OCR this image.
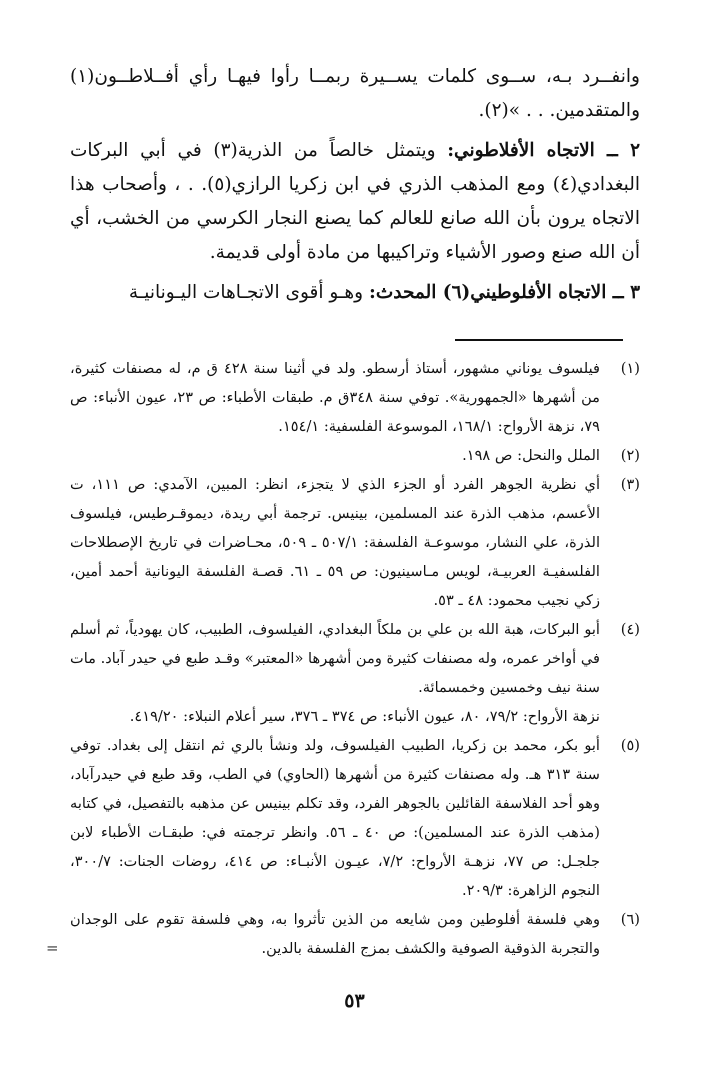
وانفــرد بـه، ســوى كلمات يســيرة ربمــا رأوا فيهـا رأي أفــلاطــون(١) والمتقدمين. . . »(٢).

٢ ــ الاتجاه الأفلاطوني: ويتمثل خالصاً من الذرية(٣) في أبي البركات البغدادي(٤) ومع المذهب الذري في ابن زكريا الرازي(٥). . ، وأصحاب هذا الاتجاه يرون بأن الله صانع للعالم كما يصنع النجار الكرسي من الخشب، أي أن الله صنع وصور الأشياء وتراكيبها من مادة أولى قديمة.

٣ ــ الاتجاه الأفلوطيني(٦) المحدث: وهـو أقوى الاتجـاهات اليـونانيـة

(١)
فيلسوف يوناني مشهور، أستاذ أرسطو. ولد في أثينا سنة ٤٢٨ ق م، له مصنفات كثيرة، من أشهرها «الجمهورية». توفي سنة ٣٤٨ق م. طبقات الأطباء: ص ٢٣، عيون الأنباء: ص ٧٩، نزهة الأرواح: ١٦٨/١، الموسوعة الفلسفية: ١٥٤/١.

(٢)
الملل والنحل: ص ١٩٨.

(٣)
أي نظرية الجوهر الفرد أو الجزء الذي لا يتجزء، انظر: المبين، الآمدي: ص ١١١، ت الأعسم، مذهب الذرة عند المسلمين، بينيس. ترجمة أبي ريدة، ديموقـرطيس، فيلسوف الذرة، علي النشار، موسوعـة الفلسفة: ٥٠٧/١ ـ ٥٠٩، محـاضرات في تاريخ الإصطلاحات الفلسفيـة العربيـة، لويس مـاسينيون: ص ٥٩ ـ ٦١. قصـة الفلسفة اليونانية أحمد أمين، زكي نجيب محمود: ٤٨ ـ ٥٣.

(٤)
أبو البركات، هبة الله بن علي بن ملكاً البغدادي، الفيلسوف، الطبيب، كان يهودياً، ثم أسلم في أواخر عمره، وله مصنفات كثيرة ومن أشهرها «المعتبر» وقـد طبع في حيدر آباد. مات سنة نيف وخمسين وخمسمائة.

نزهة الأرواح: ٧٩/٢، ٨٠، عيون الأنباء: ص ٣٧٤ ـ ٣٧٦، سير أعلام النبلاء: ٤١٩/٢٠.

(٥)
أبو بكر، محمد بن زكريا، الطبيب الفيلسوف، ولد ونشأ بالري ثم انتقل إلى بغداد. توفي سنة ٣١٣ هـ. وله مصنفات كثيرة من أشهرها (الحاوي) في الطب، وقد طبع في حيدرآباد، وهو أحد الفلاسفة القائلين بالجوهر الفرد، وقد تكلم بينيس عن مذهبه بالتفصيل، في كتابه (مذهب الذرة عند المسلمين): ص ٤٠ ـ ٥٦. وانظر ترجمته في: طبقـات الأطباء لابن جلجـل: ص ٧٧، نزهـة الأرواح: ٧/٢، عيـون الأنبـاء: ص ٤١٤، روضات الجنات: ٣٠٠/٧، النجوم الزاهرة: ٢٠٩/٣.

(٦)
وهي فلسفة أفلوطين ومن شايعه من الذين تأثروا به، وهي فلسفة تقوم على الوجدان والتجربة الذوقية الصوفية والكشف بمزج الفلسفة بالدين.

=
٥٣
